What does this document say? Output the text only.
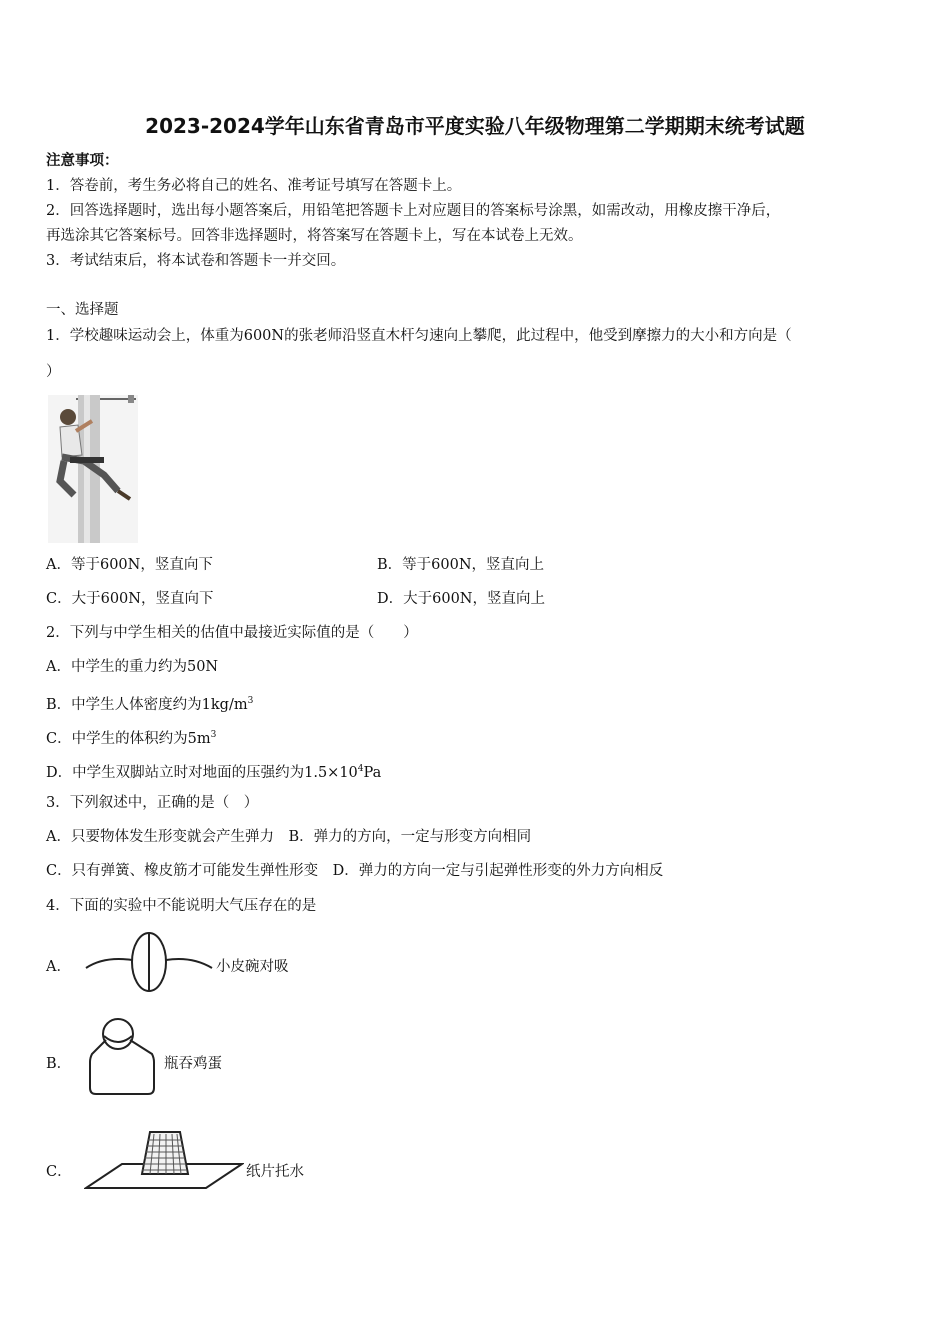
2023-2024学年山东省青岛市平度实验八年级物理第二学期期末统考试题
注意事项：
1．答卷前，考生务必将自己的姓名、准考证号填写在答题卡上。
2．回答选择题时，选出每小题答案后，用铅笔把答题卡上对应题目的答案标号涂黑，如需改动，用橡皮擦干净后，
再选涂其它答案标号。回答非选择题时，将答案写在答题卡上，写在本试卷上无效。
3．考试结束后，将本试卷和答题卡一并交回。
一、选择题
1．学校趣味运动会上，体重为600N的张老师沿竖直木杆匀速向上攀爬，此过程中，他受到摩擦力的大小和方向是（
）
A．等于600N，竖直向下	B．等于600N，竖直向上
C．大于600N，竖直向下	D．大于600N，竖直向上
2．下列与中学生相关的估值中最接近实际值的是（　　）
A．中学生的重力约为50N
B．中学生人体密度约为$1kg/m^3$
C．中学生的体积约为$5m^3$
D．中学生双脚站立时对地面的压强约为$1.5\times 10^4Pa$
3．下列叙述中，正确的是（　）
A．只要物体发生形变就会产生弹力　B．弹力的方向，一定与形变方向相同
C．只有弹簧、橡皮筋才可能发生弹性形变　D．弹力的方向一定与引起弹性形变的外力方向相反
4．下面的实验中不能说明大气压存在的是
A．	小皮碗对吸
B．	瓶吞鸡蛋
C．	纸片托水
